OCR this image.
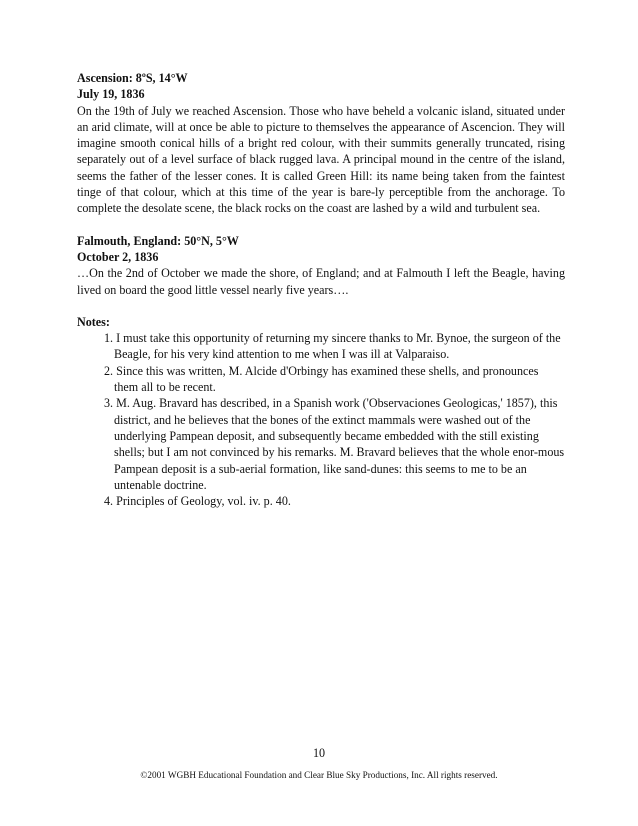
Ascension: 8ºS, 14°W

July 19, 1836

On the 19th of July we reached Ascension. Those who have beheld a volcanic island, situated under an arid climate, will at once be able to picture to themselves the appearance of Ascencion. They will imagine smooth conical hills of a bright red colour, with their summits generally truncated, rising separately out of a level surface of black rugged lava. A principal mound in the centre of the island, seems the father of the lesser cones. It is called Green Hill: its name being taken from the faintest tinge of that colour, which at this time of the year is bare-ly perceptible from the anchorage. To complete the desolate scene, the black rocks on the coast are lashed by a wild and turbulent sea.

Falmouth, England: 50°N, 5°W

October 2, 1836

…On the 2nd of October we made the shore, of England; and at Falmouth I left the Beagle, having lived on board the good little vessel nearly five years….

Notes:

1. I must take this opportunity of returning my sincere thanks to Mr. Bynoe, the surgeon of the Beagle, for his very kind attention to me when I was ill at Valparaiso.

2. Since this was written, M. Alcide d'Orbingy has examined these shells, and pronounces them all to be recent.

3. M. Aug. Bravard has described, in a Spanish work ('Observaciones Geologicas,' 1857), this district, and he believes that the bones of the extinct mammals were washed out of the underlying Pampean deposit, and subsequently became embedded with the still existing shells; but I am not convinced by his remarks. M. Bravard believes that the whole enor-mous Pampean deposit is a sub-aerial formation, like sand-dunes: this seems to me to be an untenable doctrine.

4. Principles of Geology, vol. iv. p. 40.

10
©2001 WGBH Educational Foundation and Clear Blue Sky Productions, Inc. All rights reserved.
